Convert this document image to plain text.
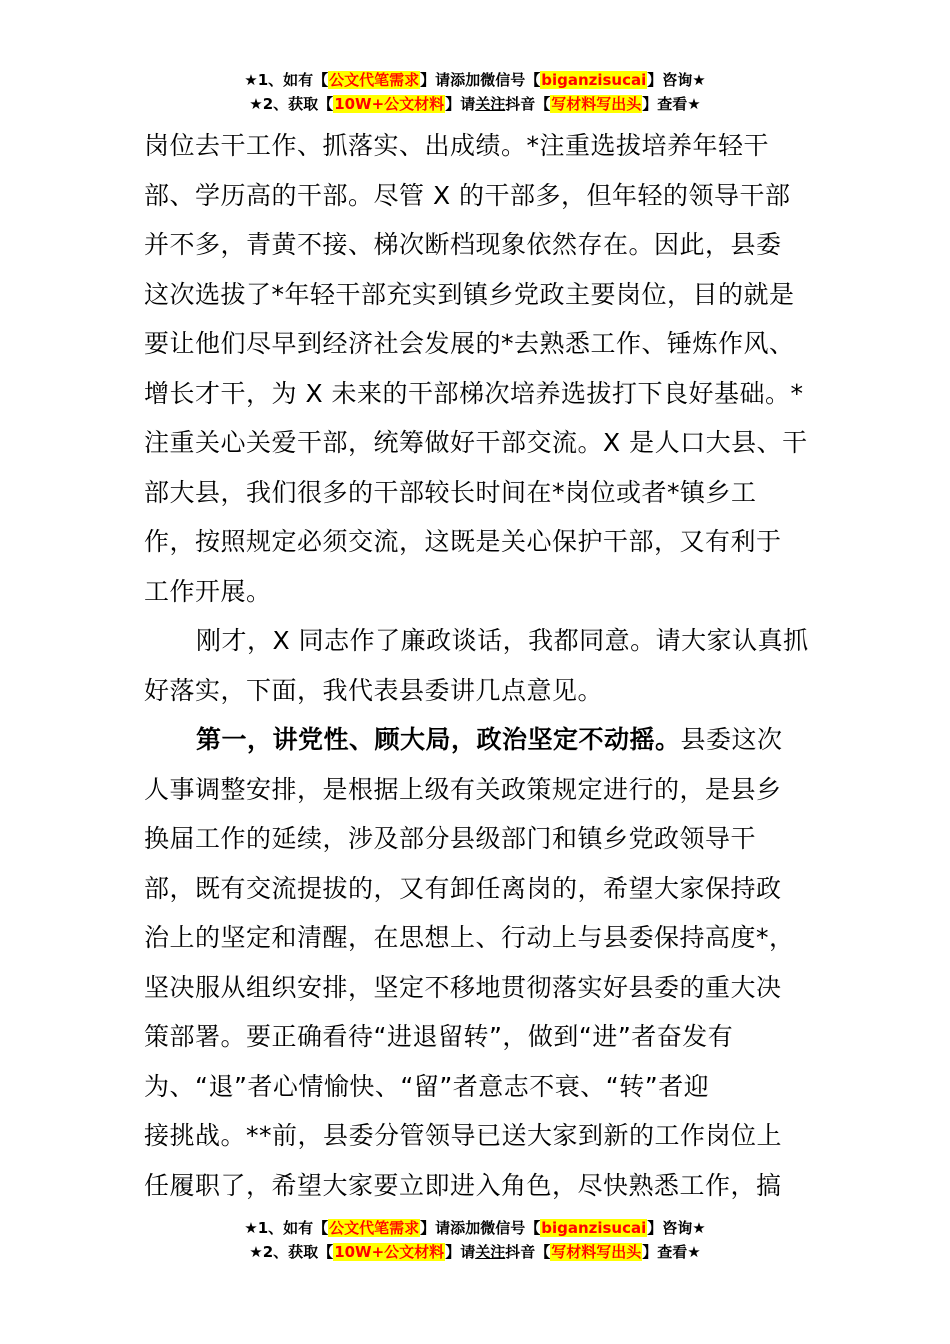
★1、如有【公文代笔需求】请添加微信号【biganzisucai】咨询★
★2、获取【10W+公文材料】请关注抖音【写材料写出头】查看★
岗位去干工作、抓落实、出成绩。*注重选拔培养年轻干
部、学历高的干部。尽管 X 的干部多，但年轻的领导干部
并不多，青黄不接、梯次断档现象依然存在。因此，县委
这次选拔了*年轻干部充实到镇乡党政主要岗位，目的就是
要让他们尽早到经济社会发展的*去熟悉工作、锤炼作风、
增长才干，为 X 未来的干部梯次培养选拔打下良好基础。*
注重关心关爱干部，统筹做好干部交流。X 是人口大县、干
部大县，我们很多的干部较长时间在*岗位或者*镇乡工
作，按照规定必须交流，这既是关心保护干部，又有利于
工作开展。
刚才，X 同志作了廉政谈话，我都同意。请大家认真抓
好落实，下面，我代表县委讲几点意见。
第一，讲党性、顾大局，政治坚定不动摇。县委这次
人事调整安排，是根据上级有关政策规定进行的，是县乡
换届工作的延续，涉及部分县级部门和镇乡党政领导干
部，既有交流提拔的，又有卸任离岗的，希望大家保持政
治上的坚定和清醒，在思想上、行动上与县委保持高度*，
坚决服从组织安排，坚定不移地贯彻落实好县委的重大决
策部署。要正确看待“进退留转”，做到“进”者奋发有
为、“退”者心情愉快、“留”者意志不衰、“转”者迎
接挑战。**前，县委分管领导已送大家到新的工作岗位上
任履职了，希望大家要立即进入角色，尽快熟悉工作，搞
★1、如有【公文代笔需求】请添加微信号【biganzisucai】咨询★
★2、获取【10W+公文材料】请关注抖音【写材料写出头】查看★
